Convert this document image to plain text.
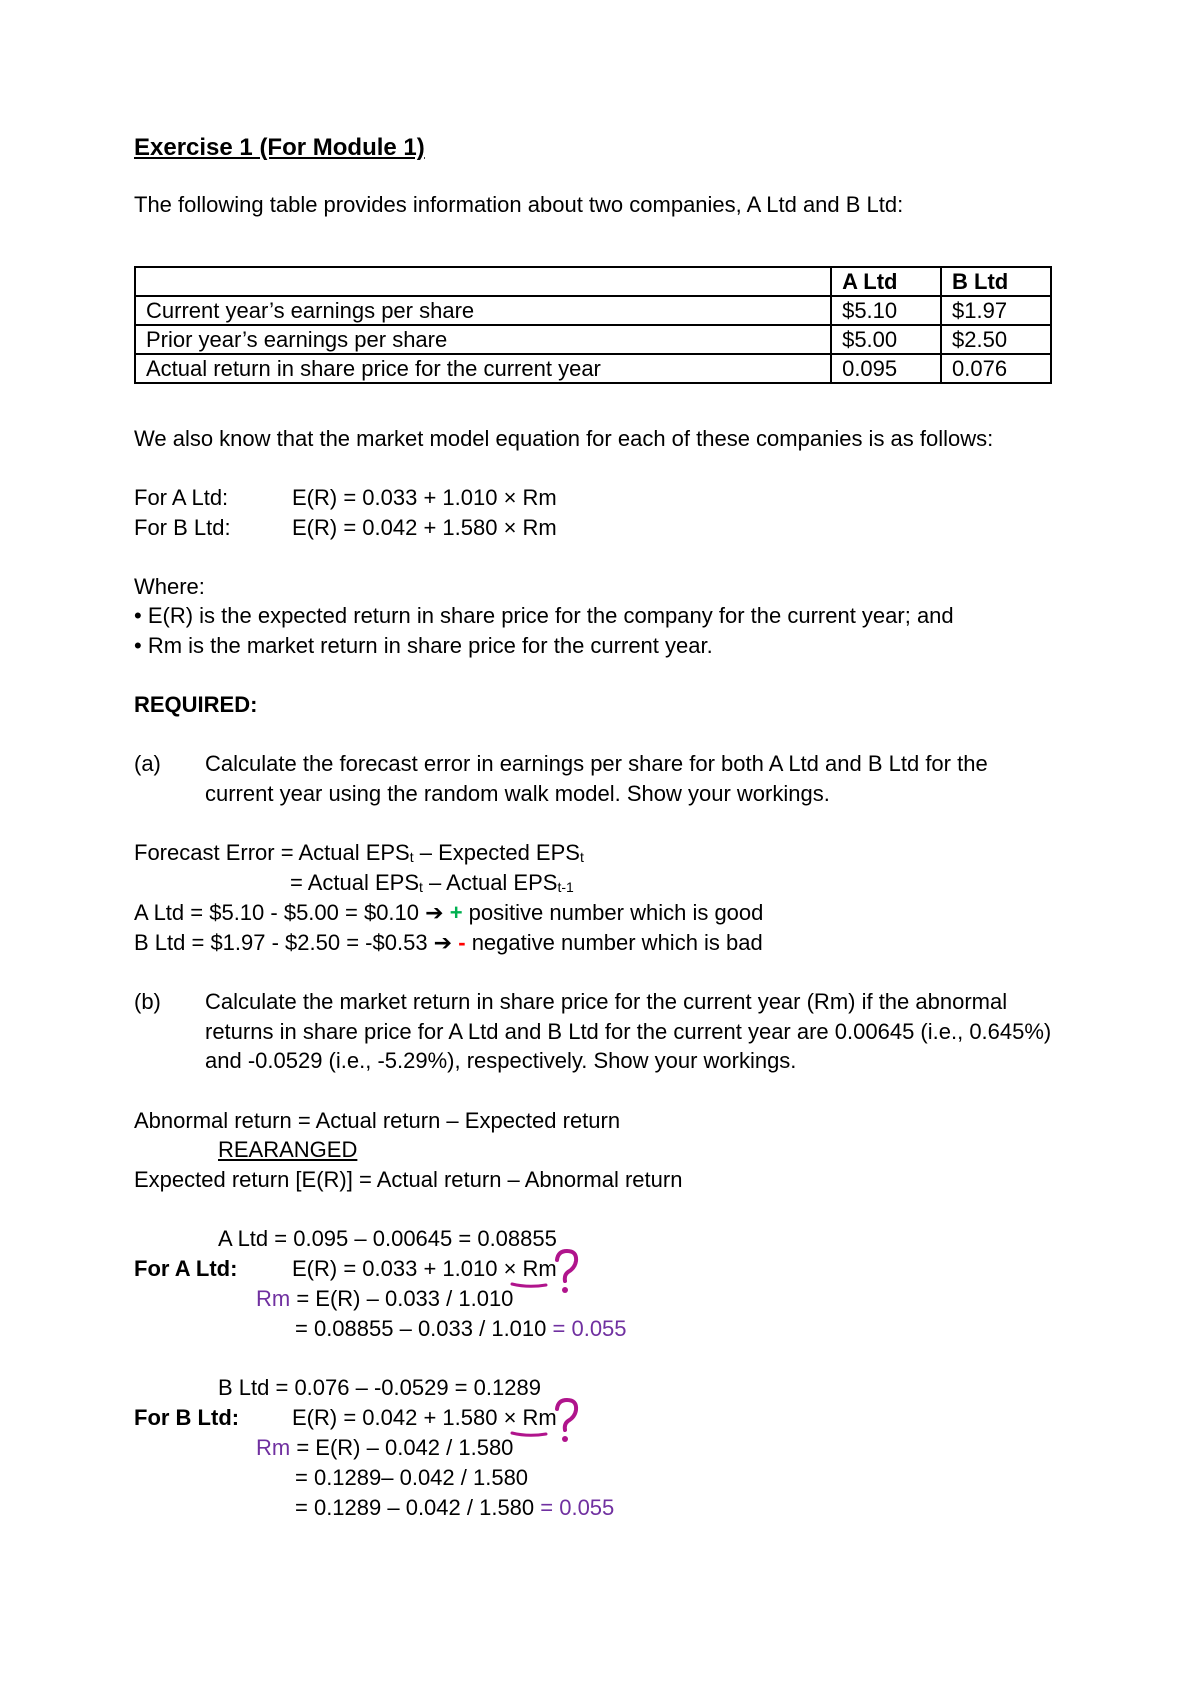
Exercise 1 (For Module 1)
The following table provides information about two companies, A Ltd and B Ltd:
	A Ltd	B Ltd
Current year’s earnings per share	$5.10	$1.97
Prior year’s earnings per share	$5.00	$2.50
Actual return in share price for the current year	0.095	0.076
We also know that the market model equation for each of these companies is as follows:
For A Ltd:	E(R) = 0.033 + 1.010 × Rm
For B Ltd:	E(R) = 0.042 + 1.580 × Rm
Where:
• E(R) is the expected return in share price for the company for the current year; and
• Rm is the market return in share price for the current year.
REQUIRED:
(a) Calculate the forecast error in earnings per share for both A Ltd and B Ltd for the
current year using the random walk model. Show your workings.
Forecast Error = Actual $EPS_t$ – Expected $EPS_t$
= Actual $EPS_t$ – Actual $EPS_{t-1}$
A Ltd = $5.10 - $5.00 = $0.10 ➔ + positive number which is good
B Ltd = $1.97 - $2.50 = -$0.53 ➔ - negative number which is bad
(b) Calculate the market return in share price for the current year (Rm) if the abnormal
returns in share price for A Ltd and B Ltd for the current year are 0.00645 (i.e., 0.645%)
and -0.0529 (i.e., -5.29%), respectively. Show your workings.
Abnormal return = Actual return – Expected return
REARANGED
Expected return [E(R)] = Actual return – Abnormal return
A Ltd = 0.095 – 0.00645 = 0.08855
For A Ltd: E(R) = 0.033 + 1.010 × Rm
Rm = E(R) – 0.033 / 1.010
= 0.08855 – 0.033 / 1.010 = 0.055
B Ltd = 0.076 – -0.0529 = 0.1289
For B Ltd: E(R) = 0.042 + 1.580 × Rm
Rm = E(R) – 0.042 / 1.580
= 0.1289– 0.042 / 1.580
= 0.1289 – 0.042 / 1.580 = 0.055
